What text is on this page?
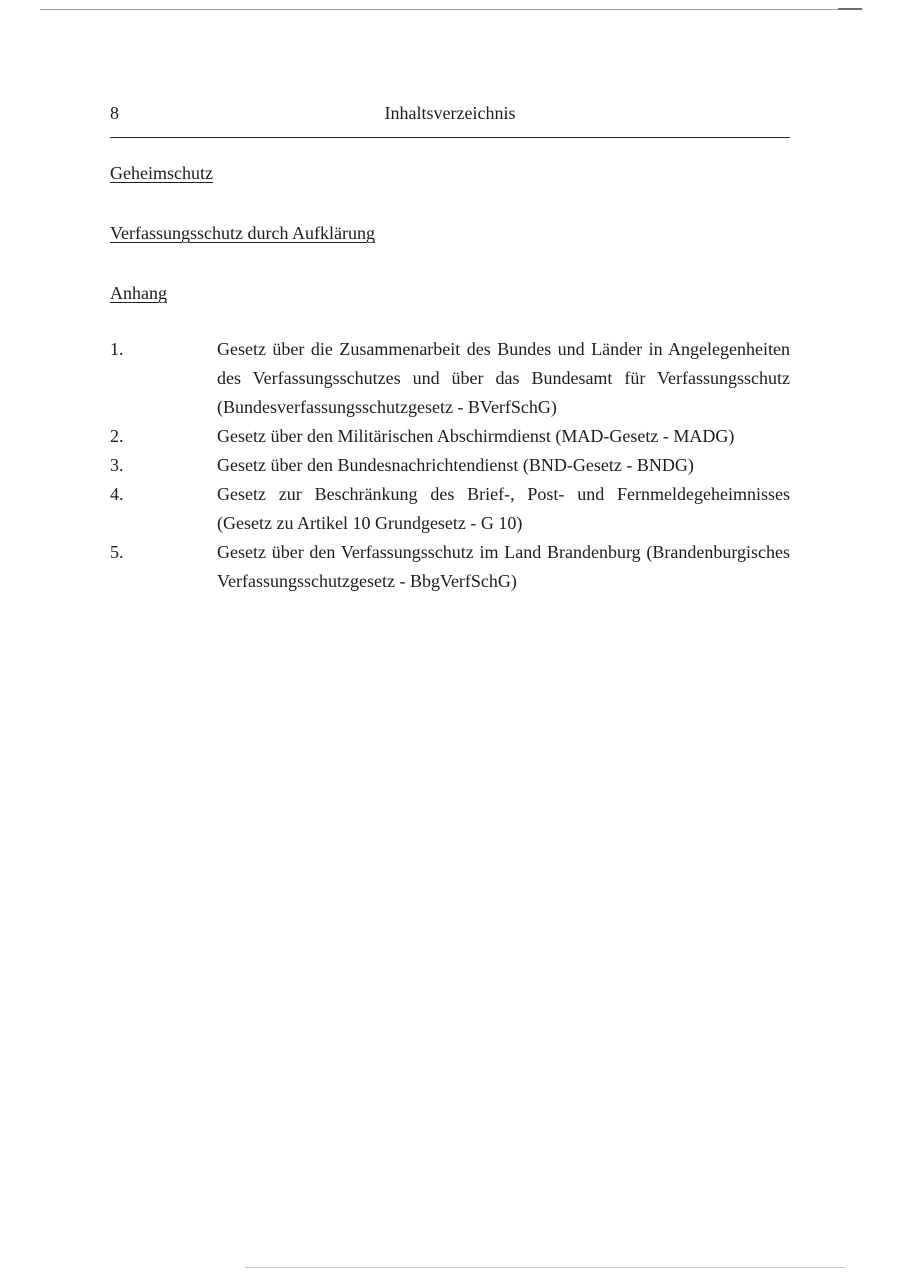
8	Inhaltsverzeichnis
Geheimschutz
Verfassungsschutz durch Aufklärung
Anhang
1.	Gesetz über die Zusammenarbeit des Bundes und Länder in Angelegenheiten des Verfassungsschutzes und über das Bundesamt für Verfassungsschutz (Bundesverfassungsschutzgesetz - BVerfSchG)
2.	Gesetz über den Militärischen Abschirmdienst (MAD-Gesetz - MADG)
3.	Gesetz über den Bundesnachrichtendienst (BND-Gesetz - BNDG)
4.	Gesetz zur Beschränkung des Brief-, Post- und Fernmeldegeheimnisses (Gesetz zu Artikel 10 Grundgesetz - G 10)
5.	Gesetz über den Verfassungsschutz im Land Brandenburg (Brandenburgisches Verfassungsschutzgesetz - BbgVerfSchG)
